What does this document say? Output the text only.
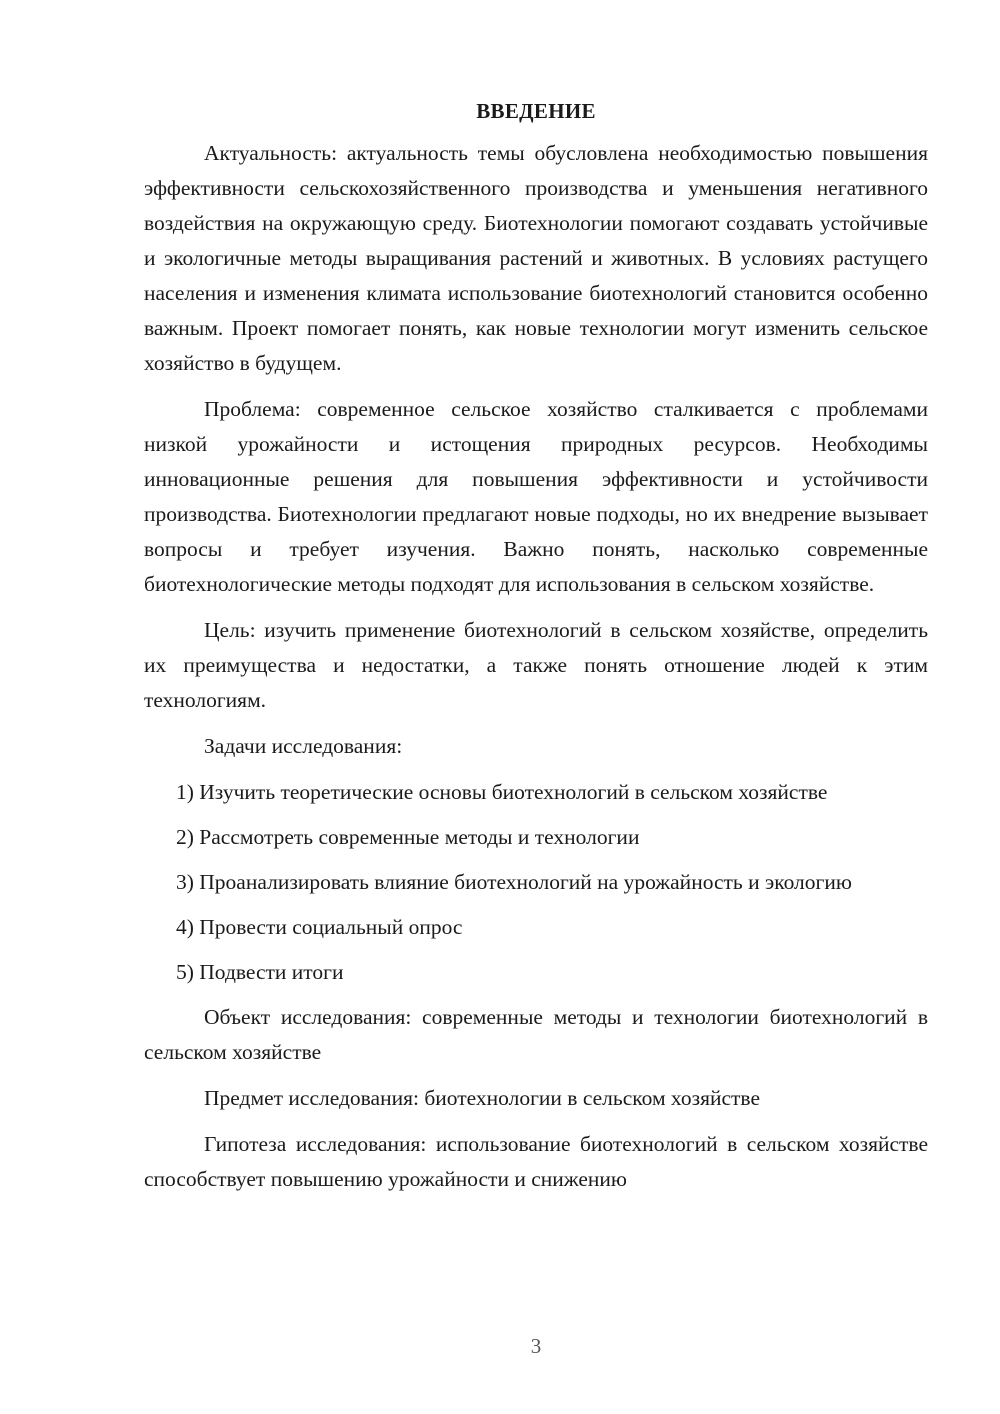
ВВЕДЕНИЕ

Актуальность: актуальность темы обусловлена необходимостью повышения эффективности сельскохозяйственного производства и уменьшения негативного воздействия на окружающую среду. Биотехнологии помогают создавать устойчивые и экологичные методы выращивания растений и животных. В условиях растущего населения и изменения климата использование биотехнологий становится особенно важным. Проект помогает понять, как новые технологии могут изменить сельское хозяйство в будущем.

Проблема: современное сельское хозяйство сталкивается с проблемами низкой урожайности и истощения природных ресурсов. Необходимы инновационные решения для повышения эффективности и устойчивости производства. Биотехнологии предлагают новые подходы, но их внедрение вызывает вопросы и требует изучения. Важно понять, насколько современные биотехнологические методы подходят для использования в сельском хозяйстве.

Цель: изучить применение биотехнологий в сельском хозяйстве, определить их преимущества и недостатки, а также понять отношение людей к этим технологиям.

Задачи исследования:

1) Изучить теоретические основы биотехнологий в сельском хозяйстве

2) Рассмотреть современные методы и технологии

3) Проанализировать влияние биотехнологий на урожайность и экологию

4) Провести социальный опрос

5) Подвести итоги

Объект исследования: современные методы и технологии биотехнологий в сельском хозяйстве

Предмет исследования: биотехнологии в сельском хозяйстве

Гипотеза исследования: использование биотехнологий в сельском хозяйстве способствует повышению урожайности и снижению

3
